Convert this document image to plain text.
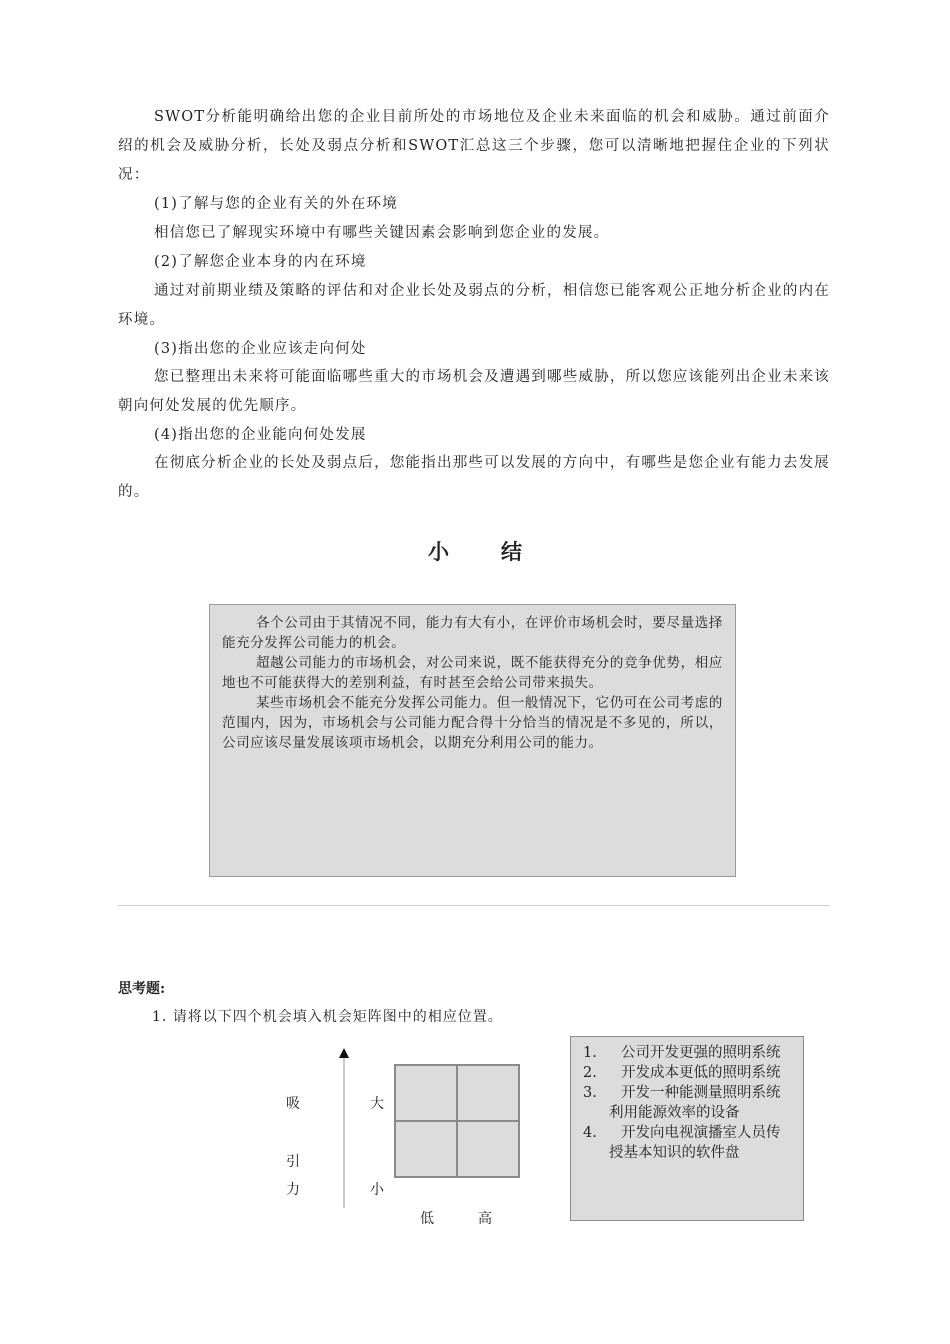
SWOT分析能明确给出您的企业目前所处的市场地位及企业未来面临的机会和威胁。通过前面介绍的机会及威胁分析，长处及弱点分析和SWOT汇总这三个步骤，您可以清晰地把握住企业的下列状况：

(1)了解与您的企业有关的外在环境

相信您已了解现实环境中有哪些关键因素会影响到您企业的发展。

(2)了解您企业本身的内在环境

通过对前期业绩及策略的评估和对企业长处及弱点的分析，相信您已能客观公正地分析企业的内在环境。

(3)指出您的企业应该走向何处

您已整理出未来将可能面临哪些重大的市场机会及遭遇到哪些威胁，所以您应该能列出企业未来该朝向何处发展的优先顺序。

(4)指出您的企业能向何处发展

在彻底分析企业的长处及弱点后，您能指出那些可以发展的方向中，有哪些是您企业有能力去发展的。

小 结

各个公司由于其情况不同，能力有大有小，在评价市场机会时，要尽量选择能充分发挥公司能力的机会。

超越公司能力的市场机会，对公司来说，既不能获得充分的竞争优势，相应地也不可能获得大的差别利益，有时甚至会给公司带来损失。

某些市场机会不能充分发挥公司能力。但一般情况下，它仍可在公司考虑的范围内，因为，市场机会与公司能力配合得十分恰当的情况是不多见的，所以，公司应该尽量发展该项市场机会，以期充分利用公司的能力。

思考题:
1. 请将以下四个机会填入机会矩阵图中的相应位置。
吸
引
力
大
小
低	高
1.	公司开发更强的照明系统
2.	开发成本更低的照明系统
3.	开发一种能测量照明系统利用能源效率的设备
4.	开发向电视演播室人员传授基本知识的软件盘
